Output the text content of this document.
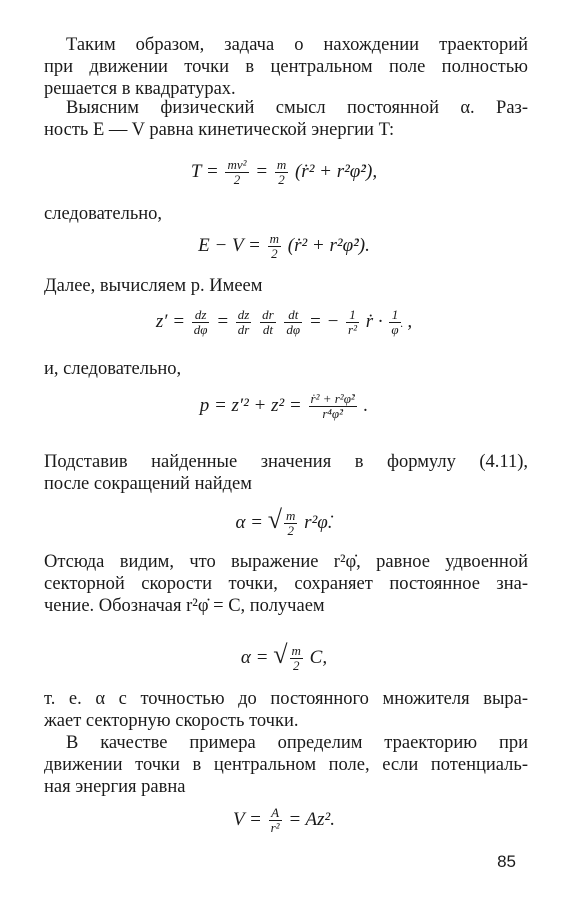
Таким образом, задача о нахождении траекторий
при движении точки в центральном поле полностью
решается в квадратурах.
Выясним физический смысл постоянной α. Раз-
ность E — V равна кинетической энергии T:
$T = \frac{\text{mv²}}{2} = \frac{m}{2}$ (ṙ² + r²φ̇²),
следовательно,
$E - V = \frac{m}{2}$ (ṙ² + r²φ̇²).
Далее, вычисляем p. Имеем
$z' = \frac{dz}{d\varphi} = \frac{dz}{dr}$
$\frac{dr}{dt}$
$\frac{dt}{d\varphi}$ = − $\frac{1}{\text{r²}}$ ṙ · $\frac{1}{\varphi̇}$ ,
и, следовательно,
$p = z'^2 + z^2 = \frac{\text{ṙ² + r²φ̇²}}{\text{r⁴φ̇²}}$ .
Подставив найденные значения в формулу (4.11),
после сокращений найдем
α = √ $\frac{m}{2}$ r²φ̇.
Отсюда видим, что выражение r²φ̇, равное удвоенной
секторной скорости точки, сохраняет постоянное зна-
чение. Обозначая r²φ̇ = C, получаем
α = √ $\frac{m}{2} C$,
т. е. α с точностью до постоянного множителя выра-
жает секторную скорость точки.
В качестве примера определим траекторию при
движении точки в центральном поле, если потенциаль-
ная энергия равна
$V = \frac{A}{\text{r²}} = Az^2$.
85
